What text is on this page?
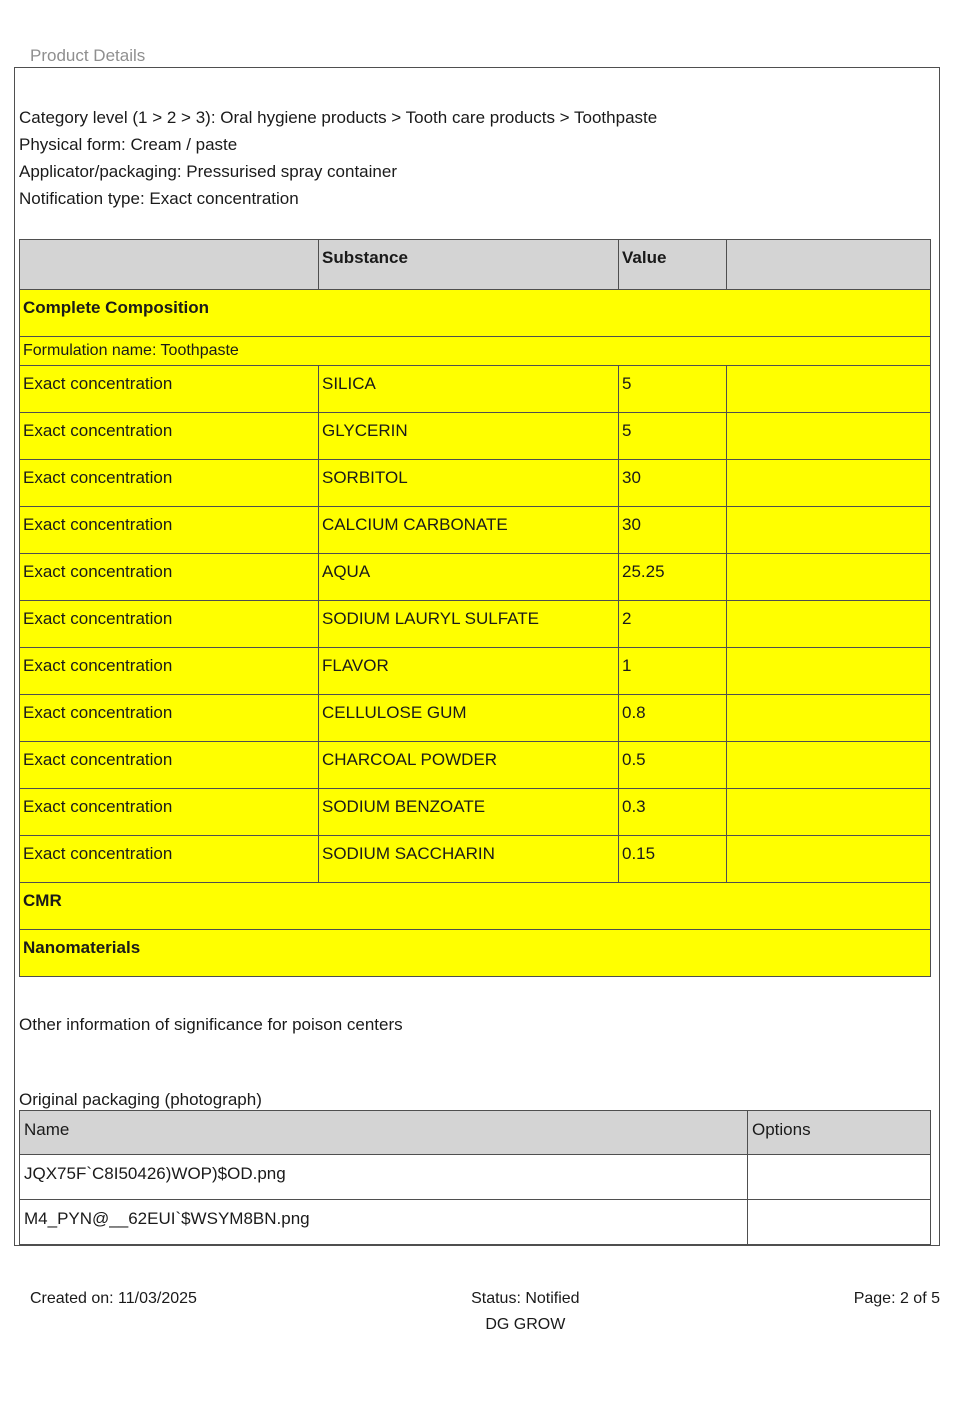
Product Details
Category level (1 > 2 > 3): Oral hygiene products > Tooth care products > Toothpaste
Physical form: Cream / paste
Applicator/packaging: Pressurised spray container
Notification type: Exact concentration
	Substance	Value	
Complete Composition			
Formulation name: Toothpaste			
Exact concentration	SILICA	5	
Exact concentration	GLYCERIN	5	
Exact concentration	SORBITOL	30	
Exact concentration	CALCIUM CARBONATE	30	
Exact concentration	AQUA	25.25	
Exact concentration	SODIUM LAURYL SULFATE	2	
Exact concentration	FLAVOR	1	
Exact concentration	CELLULOSE GUM	0.8	
Exact concentration	CHARCOAL POWDER	0.5	
Exact concentration	SODIUM BENZOATE	0.3	
Exact concentration	SODIUM SACCHARIN	0.15	
CMR			
Nanomaterials			

Other information of significance for poison centers

Original packaging (photograph)

Name	Options
JQX75F`C8I50426)WOP)$OD.png	
M4_PYN@__62EUI`$WSYM8BN.png	
Created on: 11/03/2025	Status: Notified
DG GROW
Page: 2 of 5
